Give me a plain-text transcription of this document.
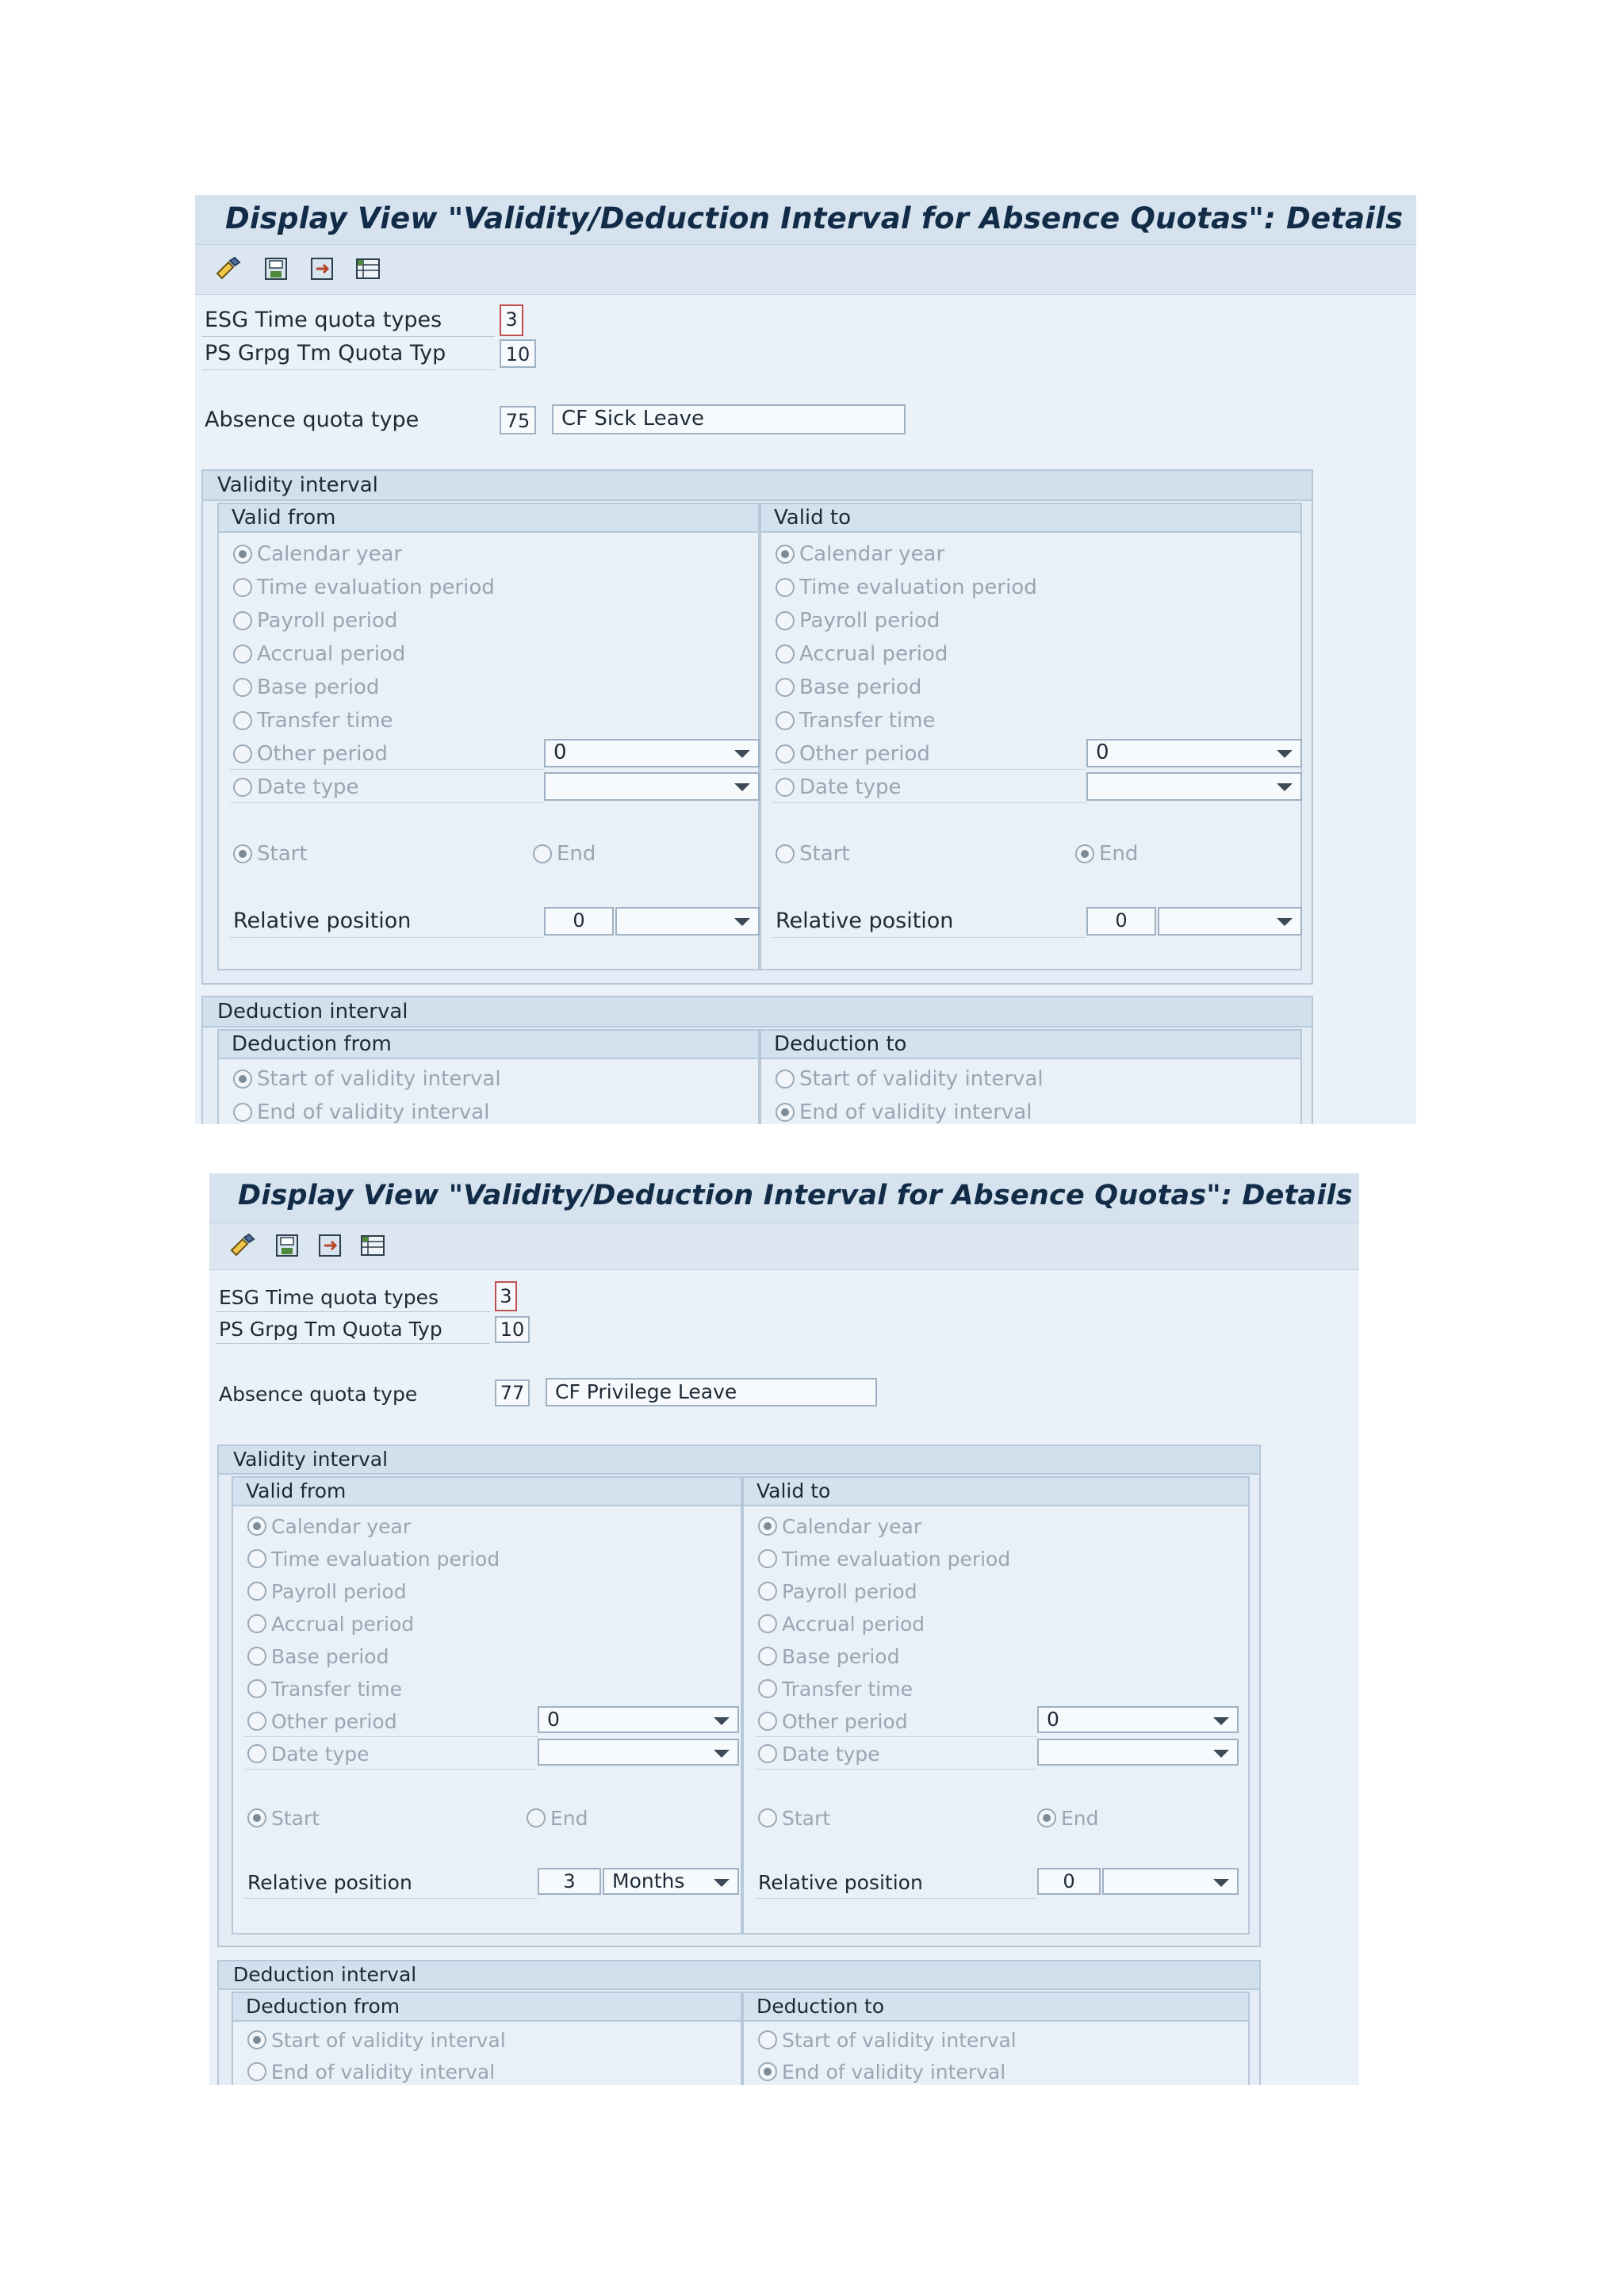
Display View "Validity/Deduction Interval for Absence Quotas": Details
ESG Time quota types	3
PS Grpg Tm Quota Typ	10
Absence quota type	75	CF Sick Leave
Validity interval
Valid from
Calendar year
Time evaluation period
Payroll period
Accrual period
Base period
Transfer time
Other period	0
Date type
Start	End
Relative position	0
Valid to
Calendar year
Time evaluation period
Payroll period
Accrual period
Base period
Transfer time
Other period	0
Date type
Start	End
Relative position	0
Deduction interval
Deduction from
Start of validity interval
End of validity interval
Deduction to
Start of validity interval
End of validity interval
Display View "Validity/Deduction Interval for Absence Quotas": Details
ESG Time quota types	3
PS Grpg Tm Quota Typ	10
Absence quota type	77	CF Privilege Leave
Validity interval
Valid from
Calendar year
Time evaluation period
Payroll period
Accrual period
Base period
Transfer time
Other period	0
Date type
Start	End
Relative position	3	Months
Valid to
Calendar year
Time evaluation period
Payroll period
Accrual period
Base period
Transfer time
Other period	0
Date type
Start	End
Relative position	0
Deduction interval
Deduction from
Start of validity interval
End of validity interval
Deduction to
Start of validity interval
End of validity interval
